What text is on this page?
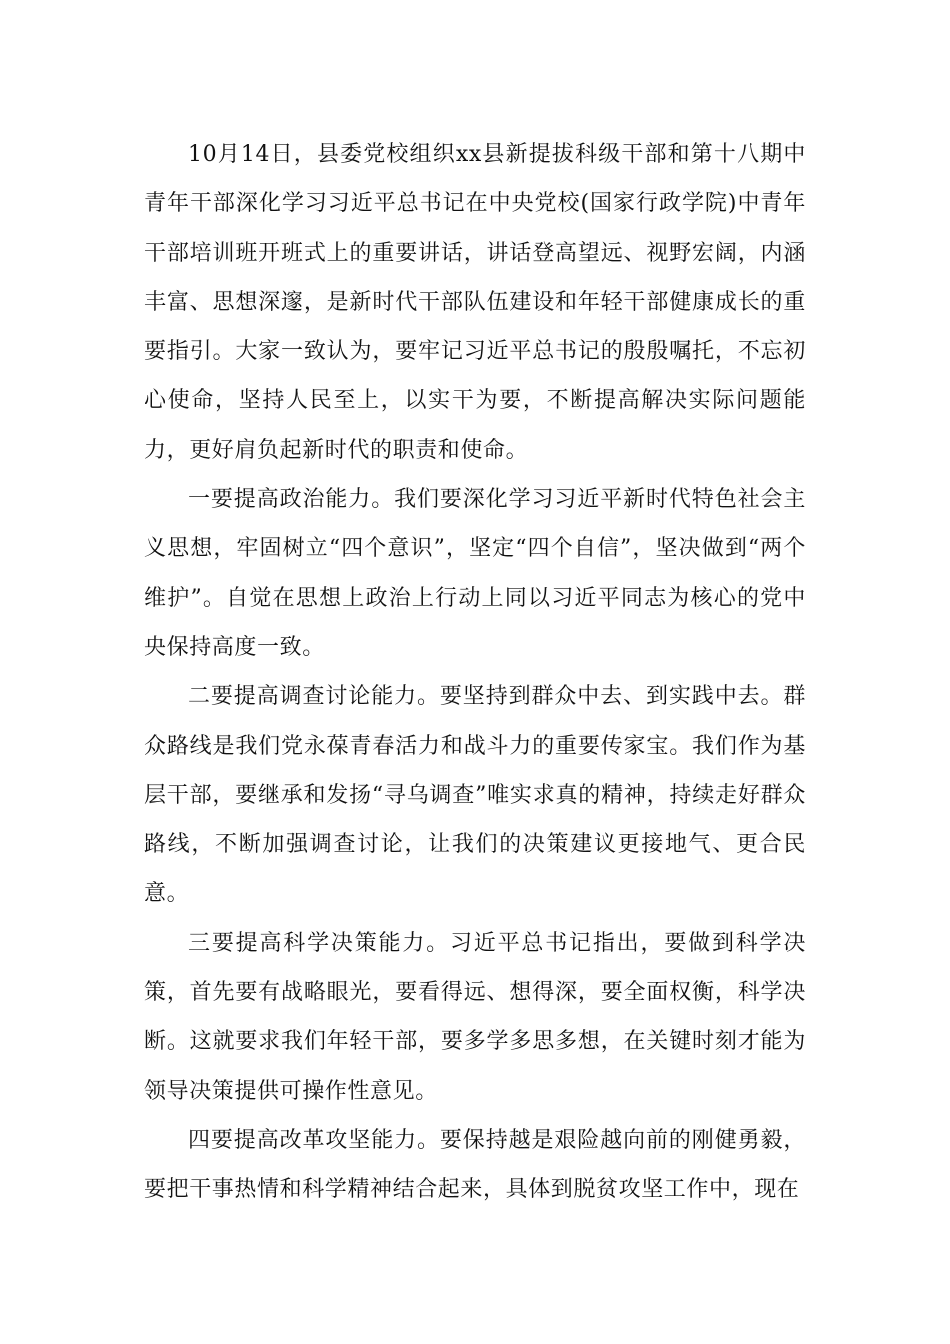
10月14日，县委党校组织xx县新提拔科级干部和第十八期中青年干部深化学习习近平总书记在中央党校(国家行政学院)中青年干部培训班开班式上的重要讲话，讲话登高望远、视野宏阔，内涵丰富、思想深邃，是新时代干部队伍建设和年轻干部健康成长的重要指引。大家一致认为，要牢记习近平总书记的殷殷嘱托，不忘初心使命，坚持人民至上，以实干为要，不断提高解决实际问题能力，更好肩负起新时代的职责和使命。

一要提高政治能力。我们要深化学习习近平新时代特色社会主义思想，牢固树立“四个意识”，坚定“四个自信”，坚决做到“两个维护”。自觉在思想上政治上行动上同以习近平同志为核心的党中央保持高度一致。

二要提高调查讨论能力。要坚持到群众中去、到实践中去。群众路线是我们党永葆青春活力和战斗力的重要传家宝。我们作为基层干部，要继承和发扬“寻乌调查”唯实求真的精神，持续走好群众路线，不断加强调查讨论，让我们的决策建议更接地气、更合民意。

三要提高科学决策能力。习近平总书记指出，要做到科学决策，首先要有战略眼光，要看得远、想得深，要全面权衡，科学决断。这就要求我们年轻干部，要多学多思多想，在关键时刻才能为领导决策提供可操作性意见。

四要提高改革攻坚能力。要保持越是艰险越向前的刚健勇毅，要把干事热情和科学精神结合起来，具体到脱贫攻坚工作中，现在
